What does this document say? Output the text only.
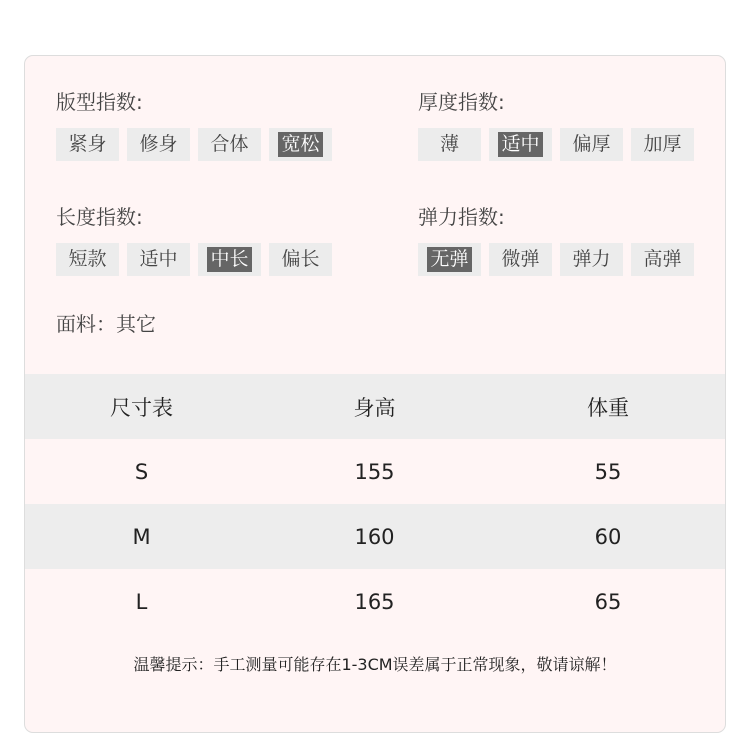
版型指数:
紧身	修身	合体	宽松
厚度指数:
薄	适中	偏厚	加厚
长度指数:
短款	适中	中长	偏长
弹力指数:
无弹	微弹	弹力	高弹
面料：其它
尺寸表	身高	体重
S	155	55
M	160	60
L	165	65
温馨提示：手工测量可能存在1-3CM误差属于正常现象，敬请谅解！
